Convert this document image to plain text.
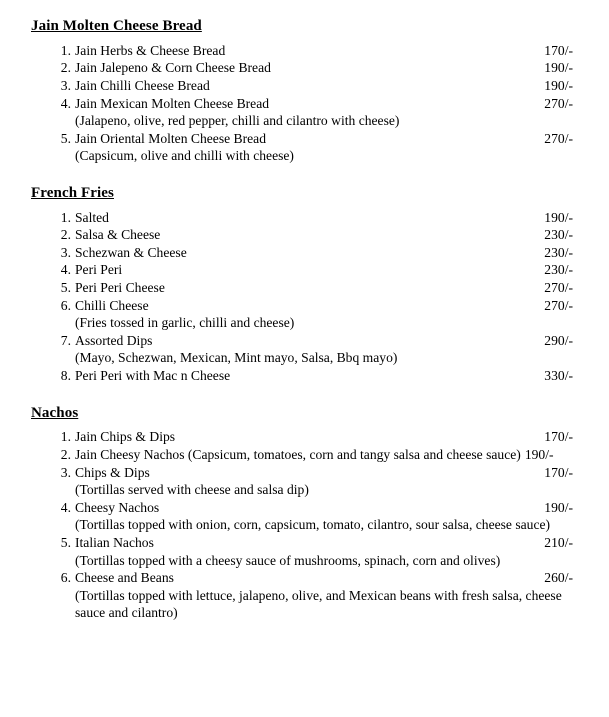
Jain Molten Cheese Bread
1. Jain Herbs & Cheese Bread	170/-
2. Jain Jalepeno & Corn Cheese Bread	190/-
3. Jain Chilli Cheese Bread	190/-
4. Jain Mexican Molten Cheese Bread	270/-
(Jalapeno, olive, red pepper, chilli and cilantro with cheese)
5. Jain Oriental Molten Cheese Bread	270/-
(Capsicum, olive and chilli with cheese)
French Fries
1. Salted	190/-
2. Salsa & Cheese	230/-
3. Schezwan & Cheese	230/-
4. Peri Peri	230/-
5. Peri Peri Cheese	270/-
6. Chilli Cheese	270/-
(Fries tossed in garlic, chilli and cheese)
7. Assorted Dips	290/-
(Mayo, Schezwan, Mexican, Mint mayo, Salsa, Bbq mayo)
8. Peri Peri with Mac n Cheese	330/-
Nachos
1. Jain Chips & Dips	170/-
2. Jain Cheesy Nachos (Capsicum, tomatoes, corn and tangy salsa and cheese sauce) 190/-
3. Chips & Dips	170/-
(Tortillas served with cheese and salsa dip)
4. Cheesy Nachos	190/-
(Tortillas topped with onion, corn, capsicum, tomato, cilantro, sour salsa, cheese sauce)
5. Italian Nachos	210/-
(Tortillas topped with a cheesy sauce of mushrooms, spinach, corn and olives)
6. Cheese and Beans	260/-
(Tortillas topped with lettuce, jalapeno, olive, and Mexican beans with fresh salsa, cheese sauce and cilantro)
